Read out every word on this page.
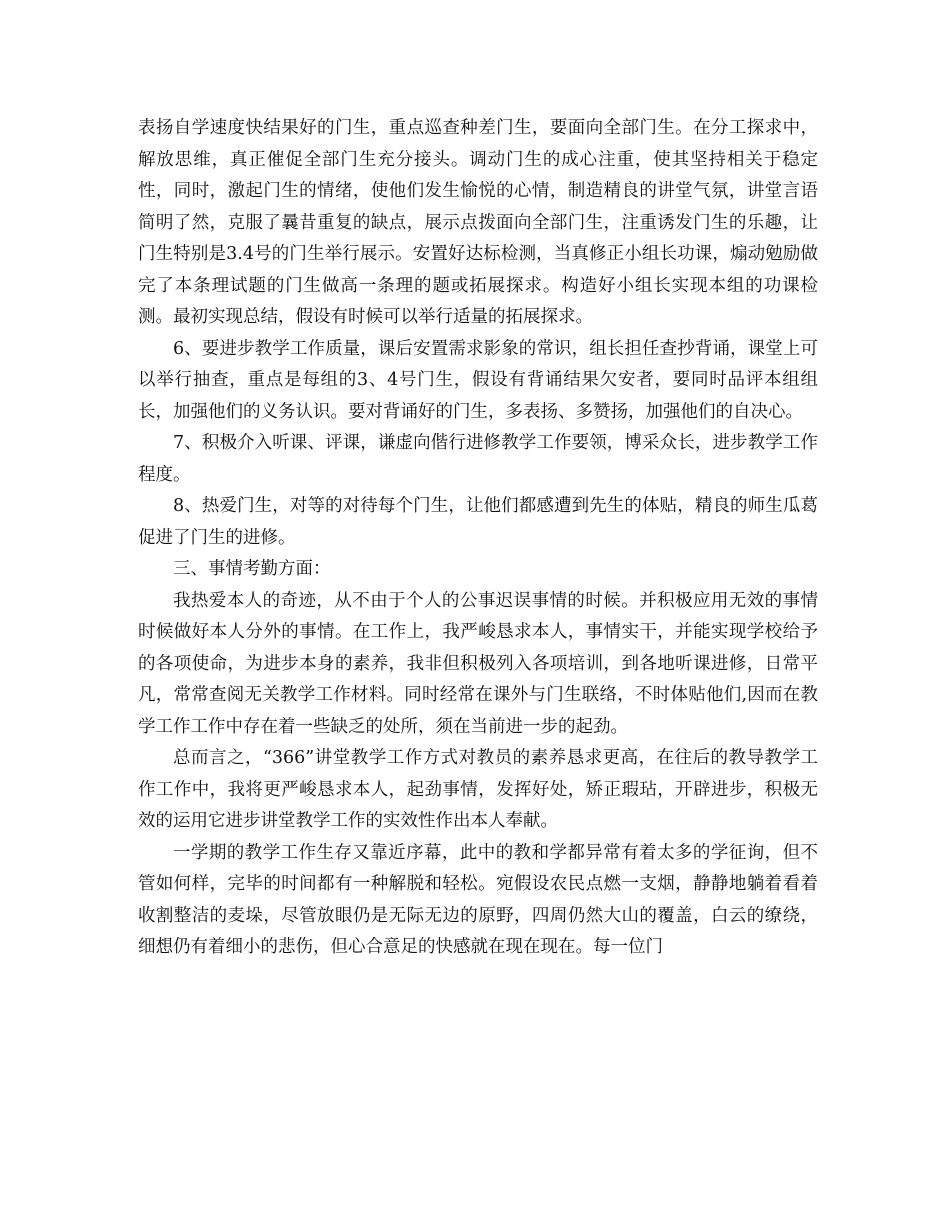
表扬自学速度快结果好的门生，重点巡查种差门生，要面向全部门生。在分工探求中，解放思维，真正催促全部门生充分接头。调动门生的成心注重，使其坚持相关于稳定性，同时，激起门生的情绪，使他们发生愉悦的心情，制造精良的讲堂气氛，讲堂言语简明了然，克服了曩昔重复的缺点，展示点拨面向全部门生，注重诱发门生的乐趣，让门生特别是3.4号的门生举行展示。安置好达标检测，当真修正小组长功课，煽动勉励做完了本条理试题的门生做高一条理的题或拓展探求。构造好小组长实现本组的功课检测。最初实现总结，假设有时候可以举行适量的拓展探求。

6、要进步教学工作质量，课后安置需求影象的常识，组长担任查抄背诵，课堂上可以举行抽查，重点是每组的3、4号门生，假设有背诵结果欠安者，要同时品评本组组长，加强他们的义务认识。要对背诵好的门生，多表扬、多赞扬，加强他们的自决心。

7、积极介入听课、评课，谦虚向偕行进修教学工作要领，博采众长，进步教学工作程度。

8、热爱门生，对等的对待每个门生，让他们都感遭到先生的体贴，精良的师生瓜葛促进了门生的进修。

三、事情考勤方面：

我热爱本人的奇迹，从不由于个人的公事迟误事情的时候。并积极应用无效的事情时候做好本人分外的事情。在工作上，我严峻恳求本人，事情实干，并能实现学校给予的各项使命，为进步本身的素养，我非但积极列入各项培训，到各地听课进修，日常平凡，常常查阅无关教学工作材料。同时经常在课外与门生联络，不时体贴他们,因而在教学工作工作中存在着一些缺乏的处所，须在当前进一步的起劲。

总而言之，“366”讲堂教学工作方式对教员的素养恳求更高，在往后的教导教学工作工作中，我将更严峻恳求本人，起劲事情，发挥好处，矫正瑕玷，开辟进步，积极无效的运用它进步讲堂教学工作的实效性作出本人奉献。

一学期的教学工作生存又靠近序幕，此中的教和学都异常有着太多的学征询，但不管如何样，完毕的时间都有一种解脱和轻松。宛假设农民点燃一支烟，静静地躺着看着收割整洁的麦垛，尽管放眼仍是无际无边的原野，四周仍然大山的覆盖，白云的缭绕，细想仍有着细小的悲伤，但心合意足的快感就在现在现在。每一位门
